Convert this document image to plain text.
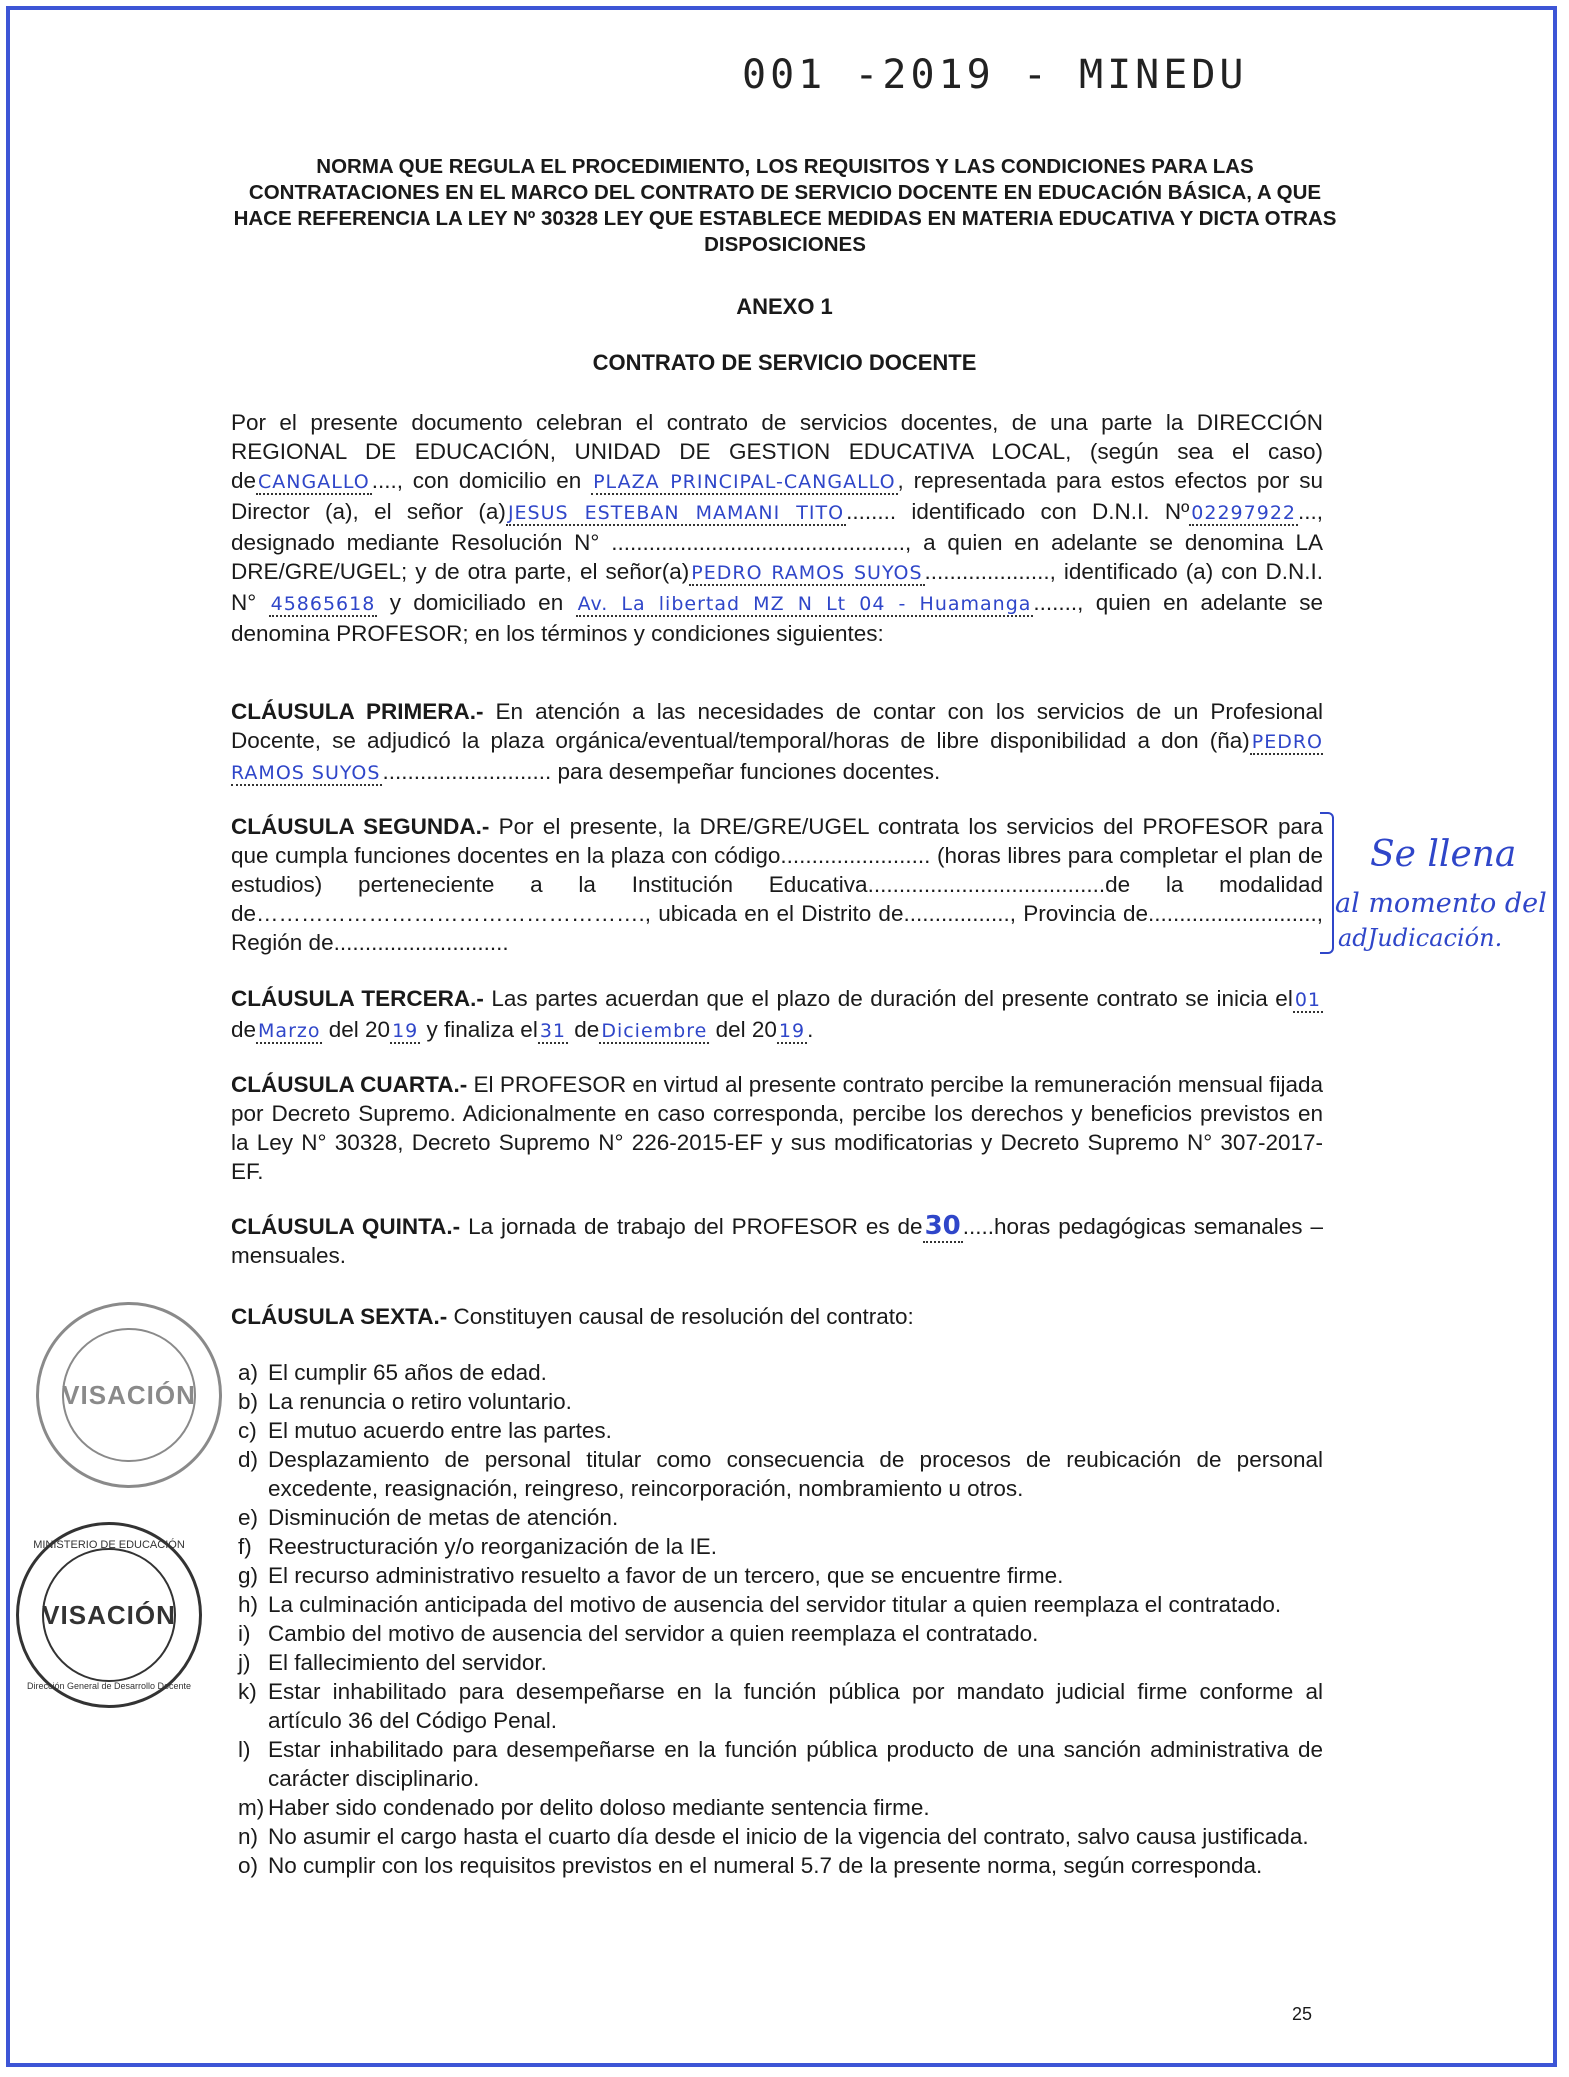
001 -2019 - MINEDU
NORMA QUE REGULA EL PROCEDIMIENTO, LOS REQUISITOS Y LAS CONDICIONES PARA LAS CONTRATACIONES EN EL MARCO DEL CONTRATO DE SERVICIO DOCENTE EN EDUCACIÓN BÁSICA, A QUE HACE REFERENCIA LA LEY Nº 30328 LEY QUE ESTABLECE MEDIDAS EN MATERIA EDUCATIVA Y DICTA OTRAS DISPOSICIONES
ANEXO 1
CONTRATO DE SERVICIO DOCENTE
Por el presente documento celebran el contrato de servicios docentes, de una parte la DIRECCIÓN REGIONAL DE EDUCACIÓN, UNIDAD DE GESTION EDUCATIVA LOCAL, (según sea el caso) de CANGALLO...., con domicilio en PLAZA PRINCIPAL-CANGALLO, representada para estos efectos por su Director (a), el señor (a) JESUS ESTEBAN MAMANI TITO........ identificado con D.N.I. Nº 02297922..., designado mediante Resolución N° ..............................................., a quien en adelante se denomina LA DRE/GRE/UGEL; y de otra parte, el señor(a) PEDRO RAMOS SUYOS...................., identificado (a) con D.N.I. N° 45865618 y domiciliado en Av. La libertad MZ N Lt 04 - Huamanga......., quien en adelante se denomina PROFESOR; en los términos y condiciones siguientes:
CLÁUSULA PRIMERA.- En atención a las necesidades de contar con los servicios de un Profesional Docente, se adjudicó la plaza orgánica/eventual/temporal/horas de libre disponibilidad a don (ña) PEDRO RAMOS SUYOS........................... para desempeñar funciones docentes.
CLÁUSULA SEGUNDA.- Por el presente, la DRE/GRE/UGEL contrata los servicios del PROFESOR para que cumpla funciones docentes en la plaza con código........................ (horas libres para completar el plan de estudios) perteneciente a la Institución Educativa......................................de la modalidad de……………………………………………., ubicada en el Distrito de................., Provincia de..........................., Región de............................
Se llena
al momento del
adJudicación.
CLÁUSULA TERCERA.- Las partes acuerdan que el plazo de duración del presente contrato se inicia el 01 de Marzo del 20 19 y finaliza el 31 de Diciembre del 20 19.
CLÁUSULA CUARTA.- El PROFESOR en virtud al presente contrato percibe la remuneración mensual fijada por Decreto Supremo. Adicionalmente en caso corresponda, percibe los derechos y beneficios previstos en la Ley N° 30328, Decreto Supremo N° 226-2015-EF y sus modificatorias y Decreto Supremo N° 307-2017-EF.
CLÁUSULA QUINTA.- La jornada de trabajo del PROFESOR es de30.....horas pedagógicas semanales – mensuales.
CLÁUSULA SEXTA.- Constituyen causal de resolución del contrato:
a) El cumplir 65 años de edad.
b) La renuncia o retiro voluntario.
c) El mutuo acuerdo entre las partes.
d) Desplazamiento de personal titular como consecuencia de procesos de reubicación de personal excedente, reasignación, reingreso, reincorporación, nombramiento u otros.
e) Disminución de metas de atención.
f) Reestructuración y/o reorganización de la IE.
g) El recurso administrativo resuelto a favor de un tercero, que se encuentre firme.
h) La culminación anticipada del motivo de ausencia del servidor titular a quien reemplaza el contratado.
i) Cambio del motivo de ausencia del servidor a quien reemplaza el contratado.
j) El fallecimiento del servidor.
k) Estar inhabilitado para desempeñarse en la función pública por mandato judicial firme conforme al artículo 36 del Código Penal.
l) Estar inhabilitado para desempeñarse en la función pública producto de una sanción administrativa de carácter disciplinario.
m) Haber sido condenado por delito doloso mediante sentencia firme.
n) No asumir el cargo hasta el cuarto día desde el inicio de la vigencia del contrato, salvo causa justificada.
o) No cumplir con los requisitos previstos en el numeral 5.7 de la presente norma, según corresponda.
VISACIÓN
MINISTERIO DE EDUCACIÓN
VISACIÓN
Dirección General de Desarrollo Docente
25
